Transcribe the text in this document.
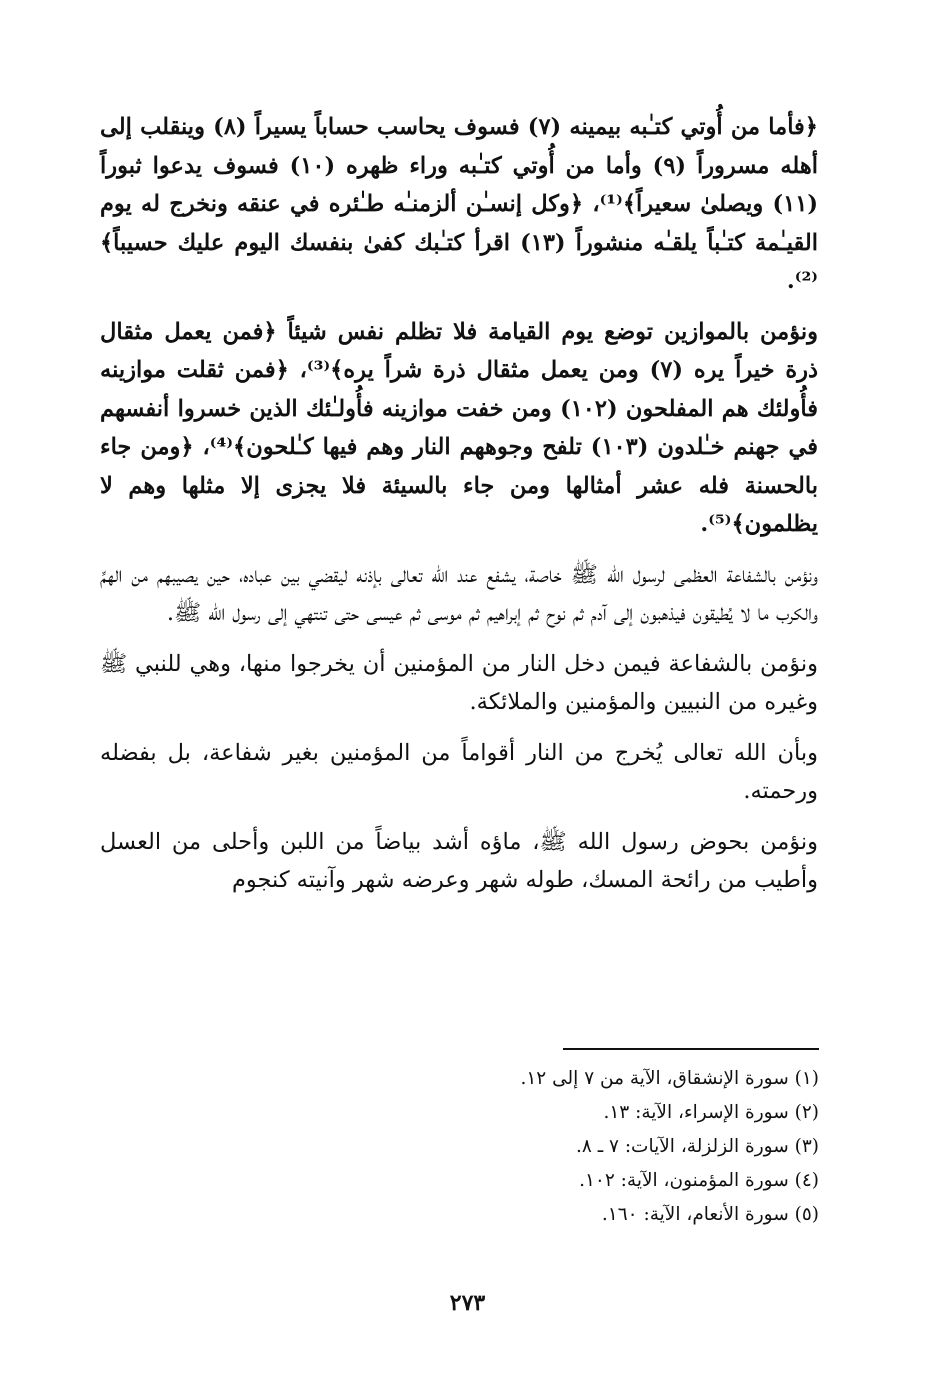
﴿فأما من أُوتي كتـٰبه بيمينه (٧) فسوف يحاسب حساباً يسيراً (٨) وينقلب إلى أهله مسروراً (٩) وأما من أُوتي كتـٰبه وراء ظهره (١٠) فسوف يدعوا ثبوراً (١١) ويصلىٰ سعيراً﴾⁽¹⁾، ﴿وكل إنسـٰن ألزمنـٰه طـٰئره في عنقه ونخرج له يوم القيـٰمة كتـٰباً يلقـٰه منشوراً (١٣) اقرأ كتـٰبك كفىٰ بنفسك اليوم عليك حسيباً﴾⁽²⁾.

ونؤمن بالموازين توضع يوم القيامة فلا تظلم نفس شيئاً ﴿فمن يعمل مثقال ذرة خيراً يره (٧) ومن يعمل مثقال ذرة شراً يره﴾⁽³⁾، ﴿فمن ثقلت موازينه فأُولئك هم المفلحون (١٠٢) ومن خفت موازينه فأُولـٰئك الذين خسروا أنفسهم في جهنم خـٰلدون (١٠٣) تلفح وجوههم النار وهم فيها كـٰلحون﴾⁽⁴⁾، ﴿ومن جاء بالحسنة فله عشر أمثالها ومن جاء بالسيئة فلا يجزى إلا مثلها وهم لا يظلمون﴾⁽⁵⁾.

ونؤمن بالشفاعة العظمى لرسول الله ﷺ خاصة، يشفع عند الله تعالى بإذنه ليقضي بين عباده، حين يصيبهم من الهمِّ والكرب ما لا يُطيقون فيذهبون إلى آدم ثم نوح ثم إبراهيم ثم موسى ثم عيسى حتى تنتهي إلى رسول الله ﷺ.

ونؤمن بالشفاعة فيمن دخل النار من المؤمنين أن يخرجوا منها، وهي للنبي ﷺ وغيره من النبيين والمؤمنين والملائكة.

وبأن الله تعالى يُخرج من النار أقواماً من المؤمنين بغير شفاعة، بل بفضله ورحمته.

ونؤمن بحوض رسول الله ﷺ، ماؤه أشد بياضاً من اللبن وأحلى من العسل وأطيب من رائحة المسك، طوله شهر وعرضه شهر وآنيته كنجوم

(١) سورة الإنشقاق، الآية من ٧ إلى ١٢.
(٢) سورة الإسراء، الآية: ١٣.
(٣) سورة الزلزلة، الآيات: ٧ ـ ٨.
(٤) سورة المؤمنون، الآية: ١٠٢.
(٥) سورة الأنعام، الآية: ١٦٠.
٢٧٣
